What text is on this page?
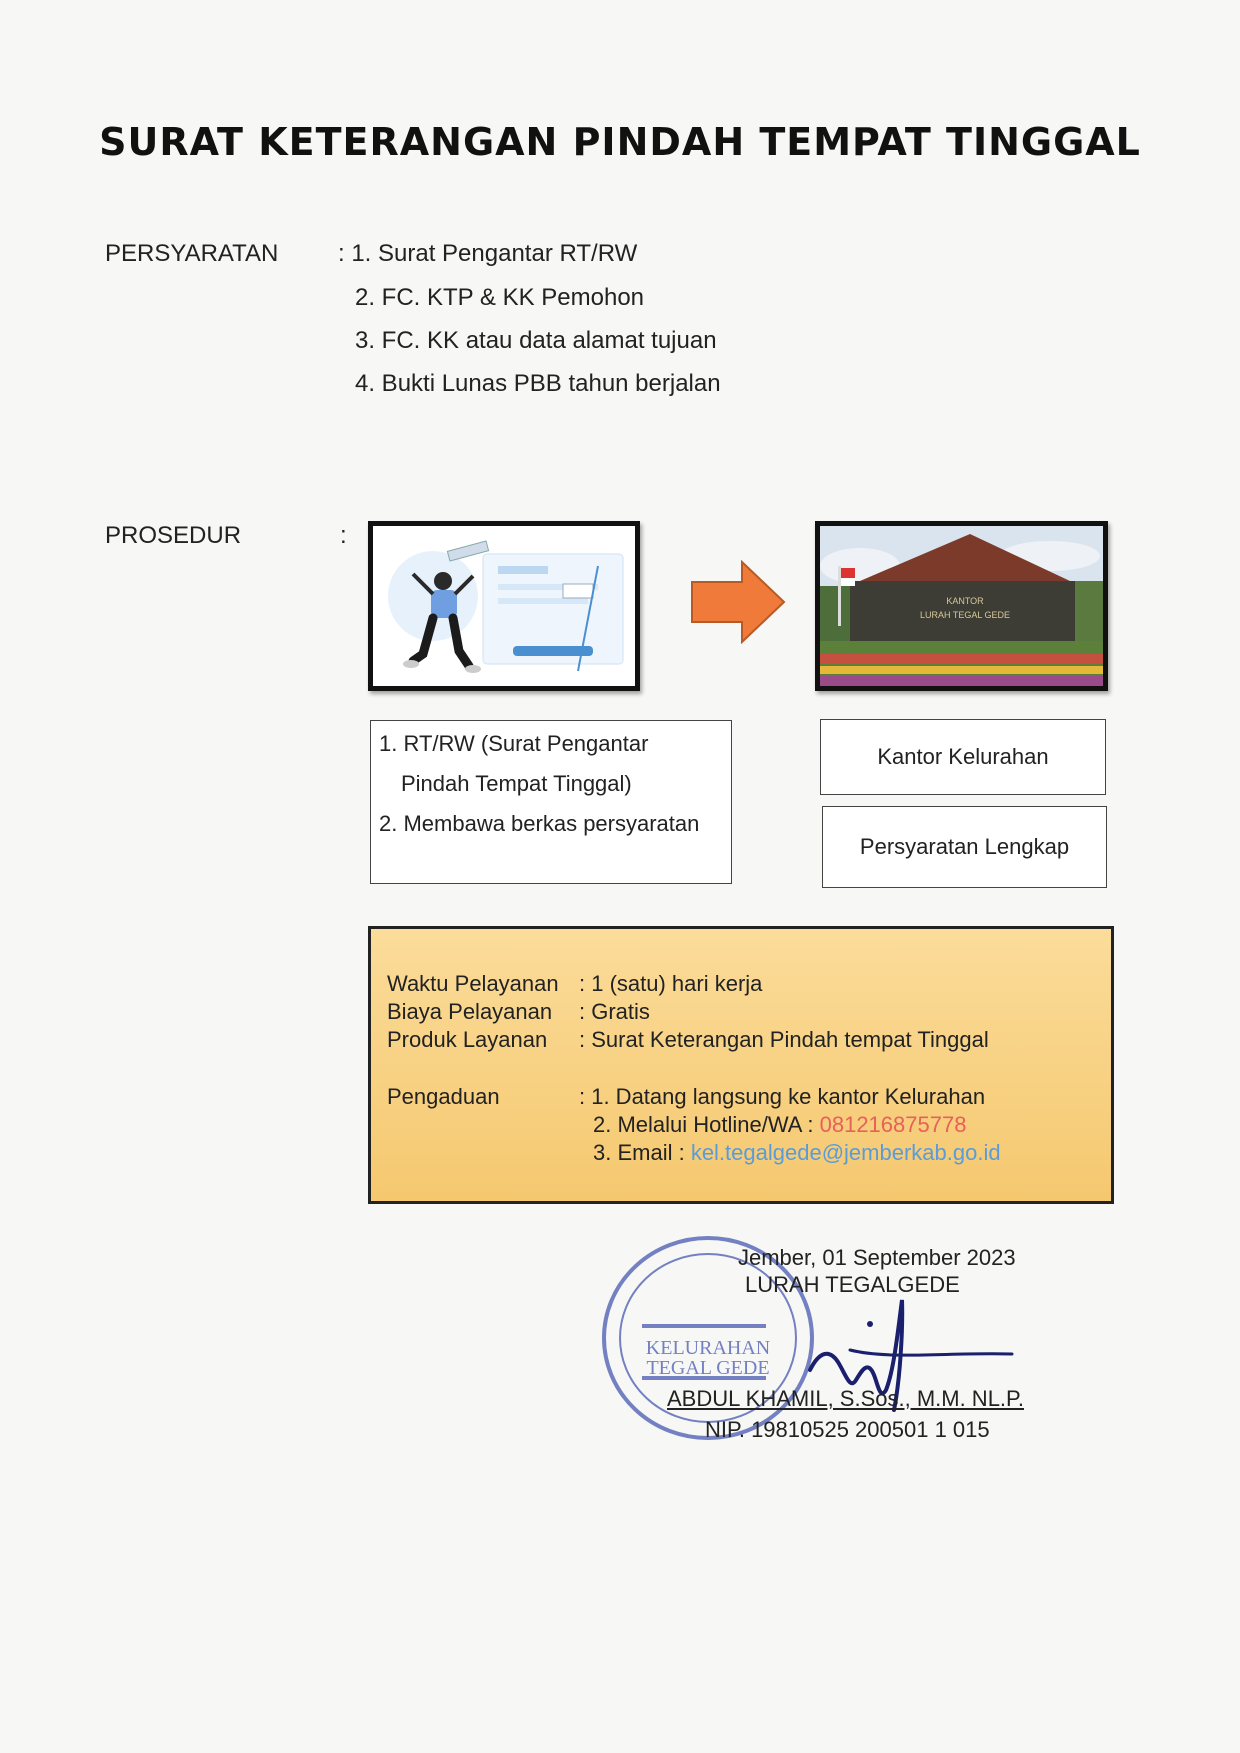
SURAT KETERANGAN PINDAH TEMPAT TINGGAL
PERSYARATAN : 1. Surat Pengantar RT/RW
2. FC. KTP & KK Pemohon
3. FC. KK atau data alamat tujuan
4. Bukti Lunas PBB tahun berjalan
PROSEDUR	:
KANTOR
LURAH TEGAL GEDE
1. RT/RW (Surat Pengantar
Pindah Tempat Tinggal)
2. Membawa berkas persyaratan
Kantor Kelurahan
Persyaratan Lengkap
Waktu Pelayanan : 1 (satu) hari kerja
Biaya Pelayanan : Gratis
Produk Layanan : Surat Keterangan Pindah tempat Tinggal
Pengaduan	: 1. Datang langsung ke kantor Kelurahan
2. Melalui Hotline/WA : 081216875778
3. Email : kel.tegalgede@jemberkab.go.id
KELURAHAN
TEGAL GEDE
Jember, 01 September 2023
LURAH TEGALGEDE
ABDUL KHAMIL, S.Sos., M.M. NL.P.
NIP. 19810525 200501 1 015
